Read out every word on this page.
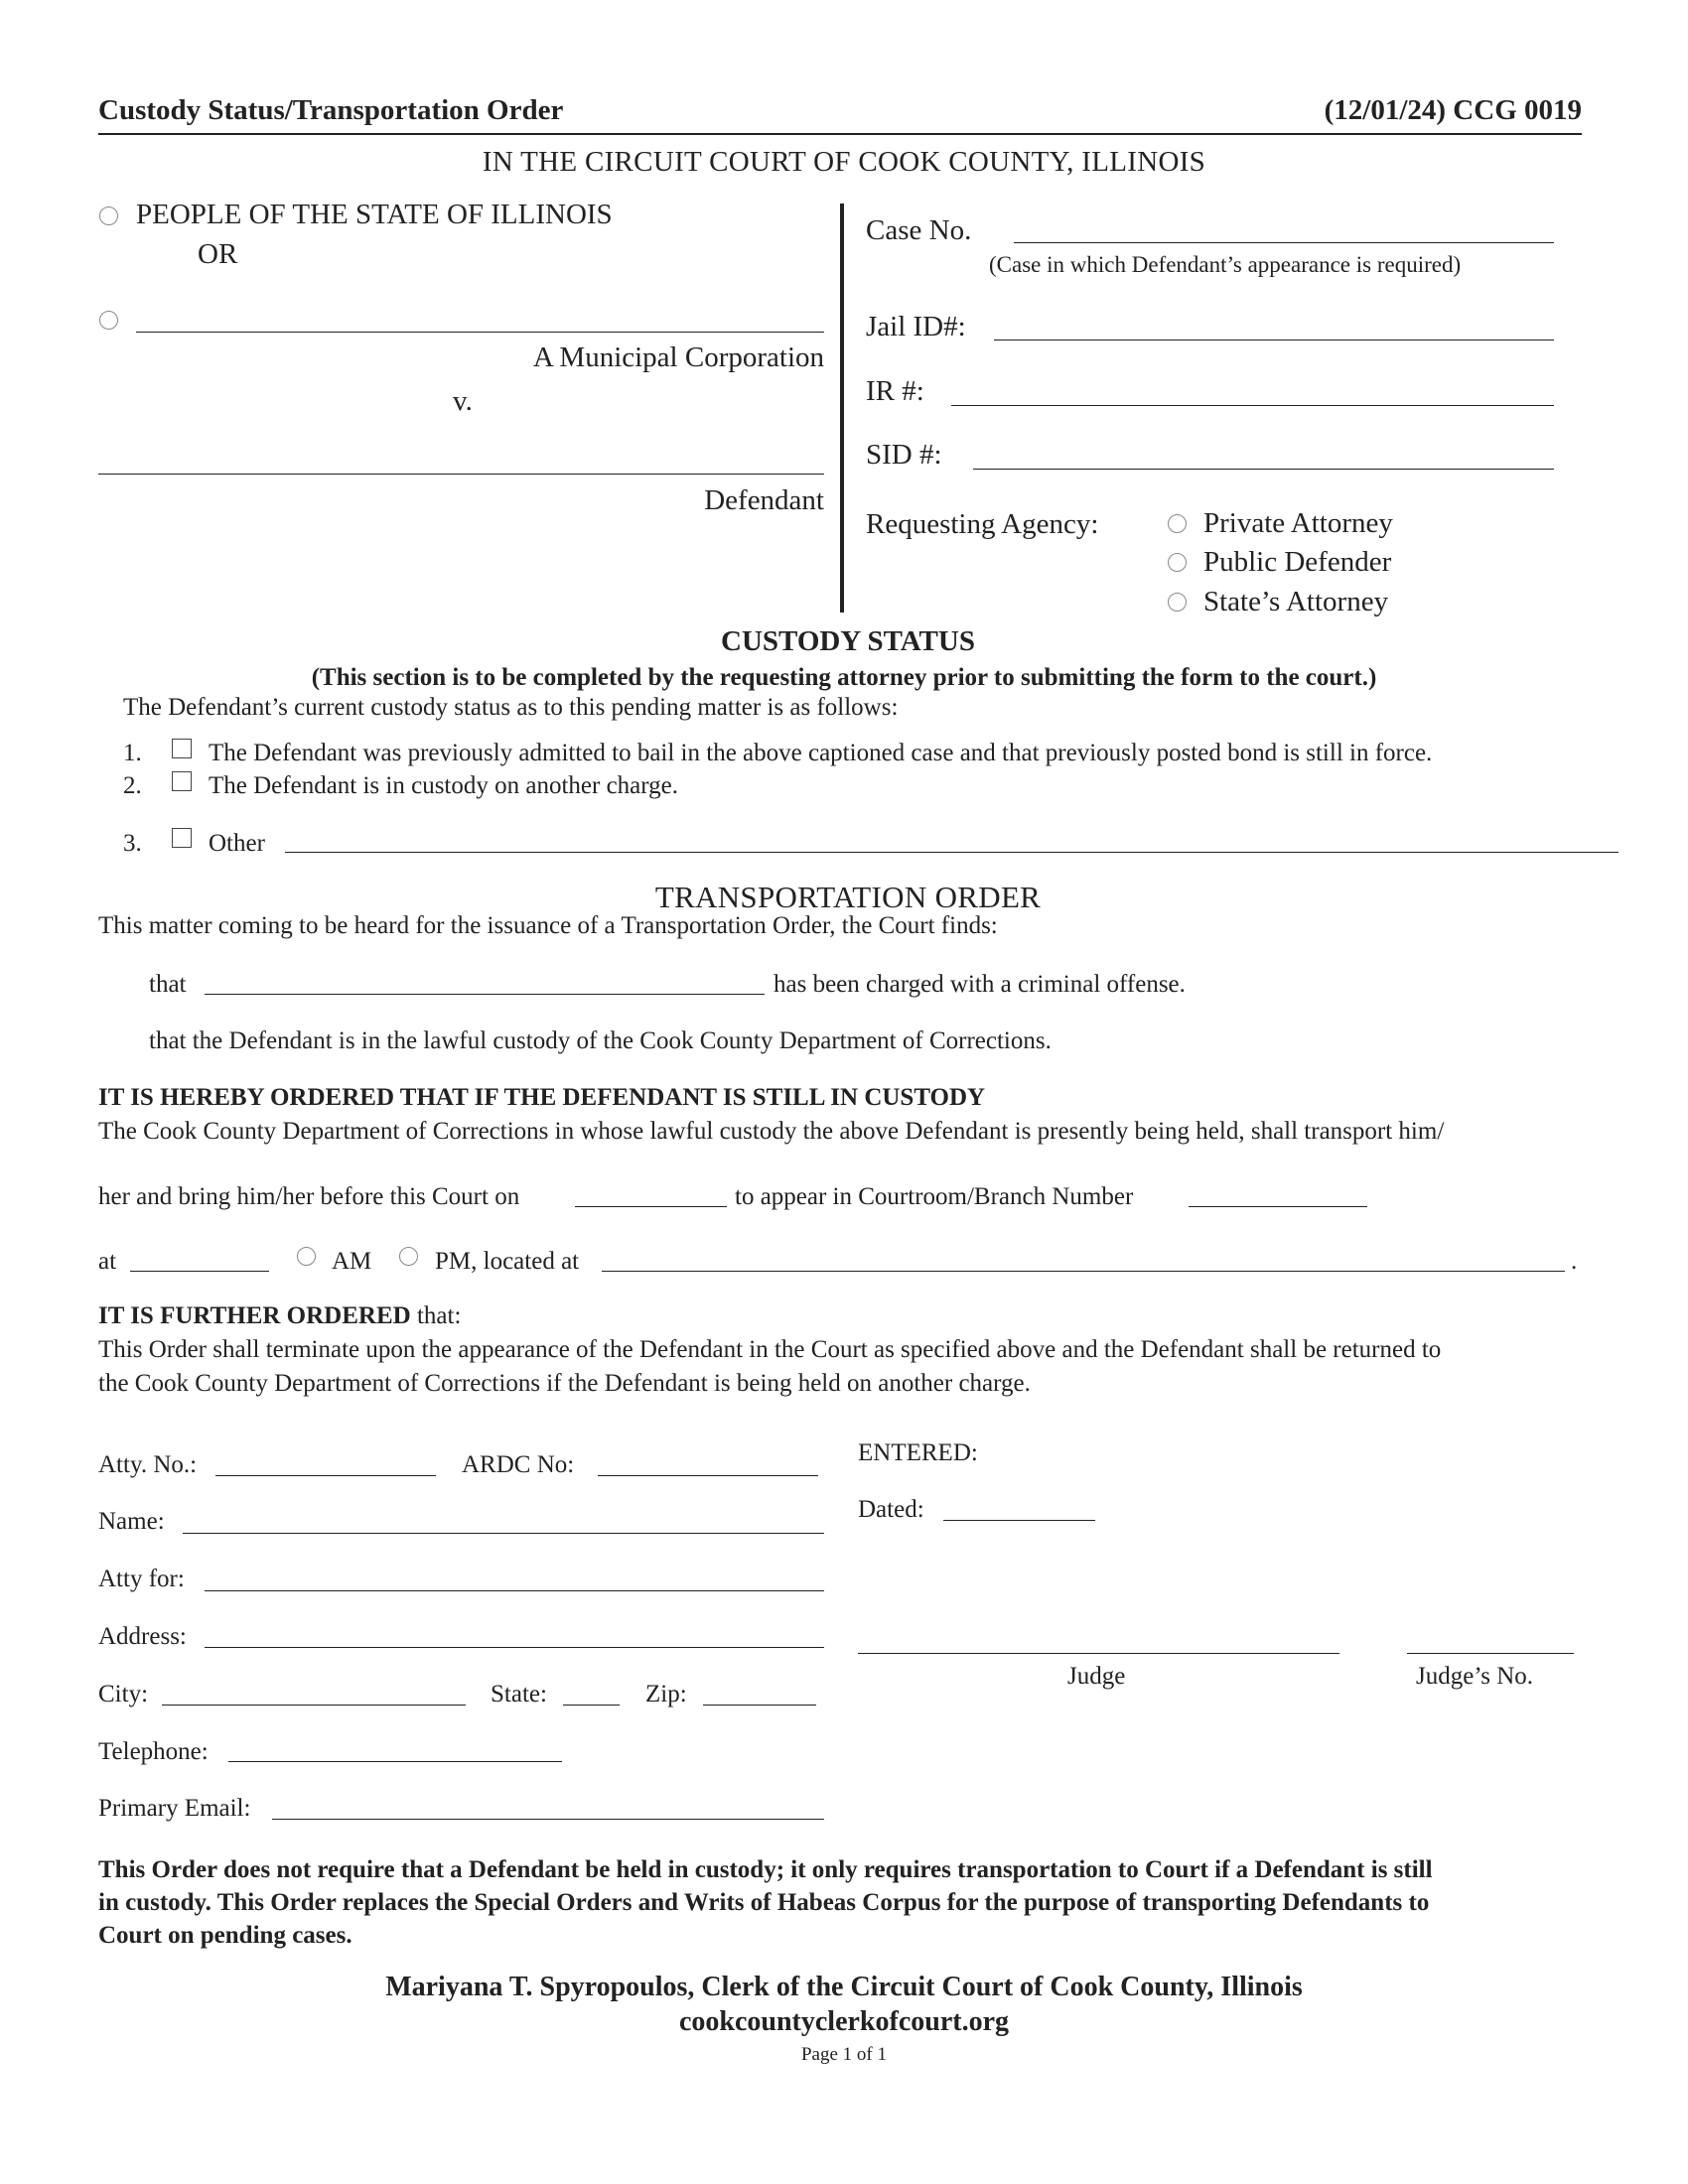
Custody Status/Transportation Order	(12/01/24) CCG 0019
IN THE CIRCUIT COURT OF COOK COUNTY, ILLINOIS
PEOPLE OF THE STATE OF ILLINOIS
OR
A Municipal Corporation
v.
Defendant
Case No.
(Case in which Defendant’s appearance is required)
Jail ID#:
IR #:
SID #:
Requesting Agency:	Private Attorney
Public Defender
State’s Attorney
CUSTODY STATUS
(This section is to be completed by the requesting attorney prior to submitting the form to the court.)
The Defendant’s current custody status as to this pending matter is as follows:
1.	The Defendant was previously admitted to bail in the above captioned case and that previously posted bond is still in force.
2.	The Defendant is in custody on another charge.
3.	Other
TRANSPORTATION ORDER
This matter coming to be heard for the issuance of a Transportation Order, the Court finds:
that	has been charged with a criminal offense.
that the Defendant is in the lawful custody of the Cook County Department of Corrections.
IT IS HEREBY ORDERED THAT IF THE DEFENDANT IS STILL IN CUSTODY
The Cook County Department of Corrections in whose lawful custody the above Defendant is presently being held, shall transport him/
her and bring him/her before this Court on	to appear in Courtroom/Branch Number
at	AM	PM, located at	.
IT IS FURTHER ORDERED that:
This Order shall terminate upon the appearance of the Defendant in the Court as specified above and the Defendant shall be returned to
the Cook County Department of Corrections if the Defendant is being held on another charge.
Atty. No.:	ARDC No:
Name:
Atty for:
Address:
City:	State:	Zip:
Telephone:
Primary Email:
ENTERED:
Dated:
Judge	Judge’s No.
This Order does not require that a Defendant be held in custody; it only requires transportation to Court if a Defendant is still
in custody. This Order replaces the Special Orders and Writs of Habeas Corpus for the purpose of transporting Defendants to
Court on pending cases.
Mariyana T. Spyropoulos, Clerk of the Circuit Court of Cook County, Illinois
cookcountyclerkofcourt.org
Page 1 of 1
